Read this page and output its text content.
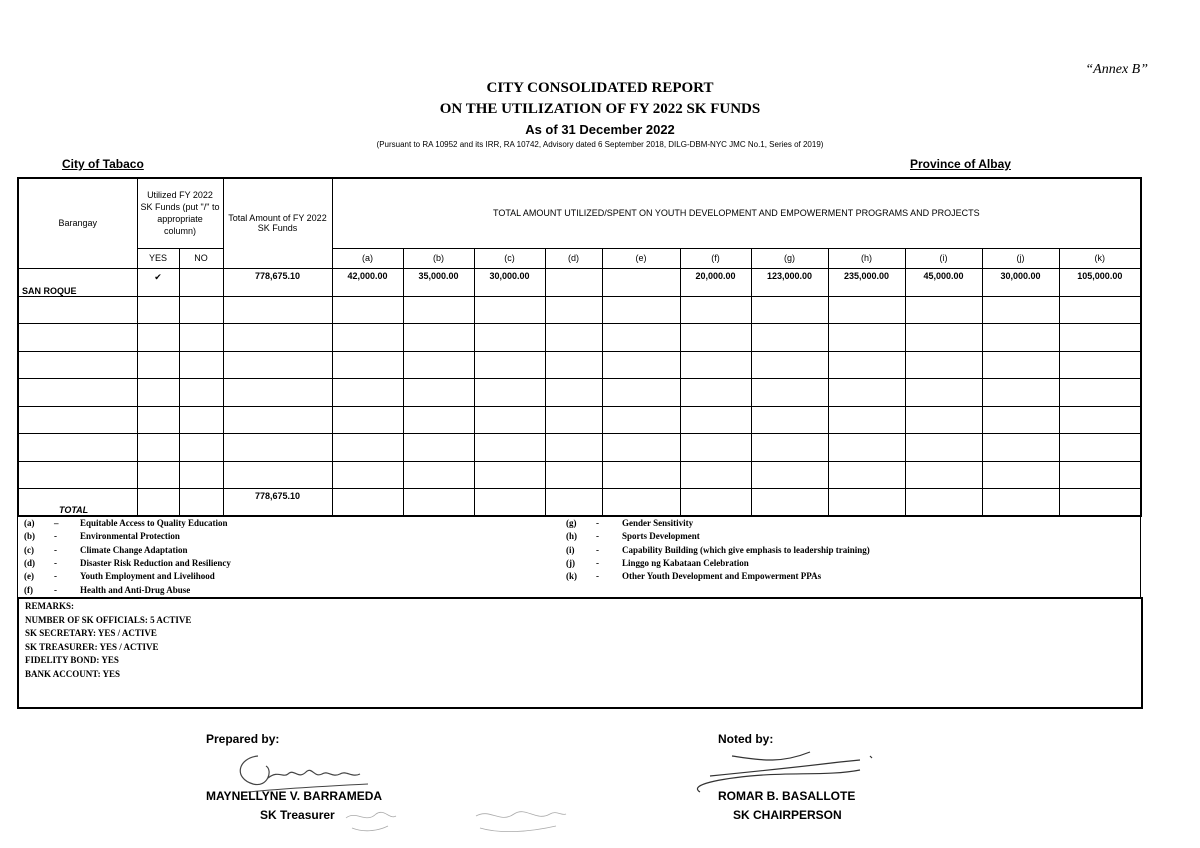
“Annex B”
CITY CONSOLIDATED REPORT
ON THE UTILIZATION OF FY 2022 SK FUNDS
As of 31 December 2022
(Pursuant to RA 10952 and its IRR, RA 10742, Advisory dated 6 September 2018, DILG-DBM-NYC JMC No.1, Series of 2019)
City of Tabaco	Province of Albay
Barangay	Utilized FY 2022 SK Funds (put "/" to appropriate column)		Total Amount of FY 2022 SK Funds	TOTAL AMOUNT UTILIZED/SPENT ON YOUTH DEVELOPMENT AND EMPOWERMENT PROGRAMS AND PROJECTS										
	YES	NO		(a)	(b)	(c)	(d)	(e)	(f)	(g)	(h)	(i)	(j)	(k)
SAN ROQUE	✔		778,675.10	42,000.00	35,000.00	30,000.00			20,000.00	123,000.00	235,000.00	45,000.00	30,000.00	105,000.00

TOTAL			778,675.10											
(a) – Equitable Access to Quality Education
(b) -	Environmental Protection
(c) -	Climate Change Adaptation
(d) -	Disaster Risk Reduction and Resiliency
(e) -	Youth Employment and Livelihood
(f) -	Health and Anti-Drug Abuse
(g) -	Gender Sensitivity
(h) -	Sports Development
(i) -	Capability Building (which give emphasis to leadership training)
(j) -	Linggo ng Kabataan Celebration
(k) -	Other Youth Development and Empowerment PPAs
REMARKS:
NUMBER OF SK OFFICIALS: 5 ACTIVE
SK SECRETARY: YES / ACTIVE
SK TREASURER: YES / ACTIVE
FIDELITY BOND: YES
BANK ACCOUNT: YES
Prepared by:
MAYNELLYNE V. BARRAMEDA
SK Treasurer
Noted by:
ROMAR B. BASALLOTE
SK CHAIRPERSON
